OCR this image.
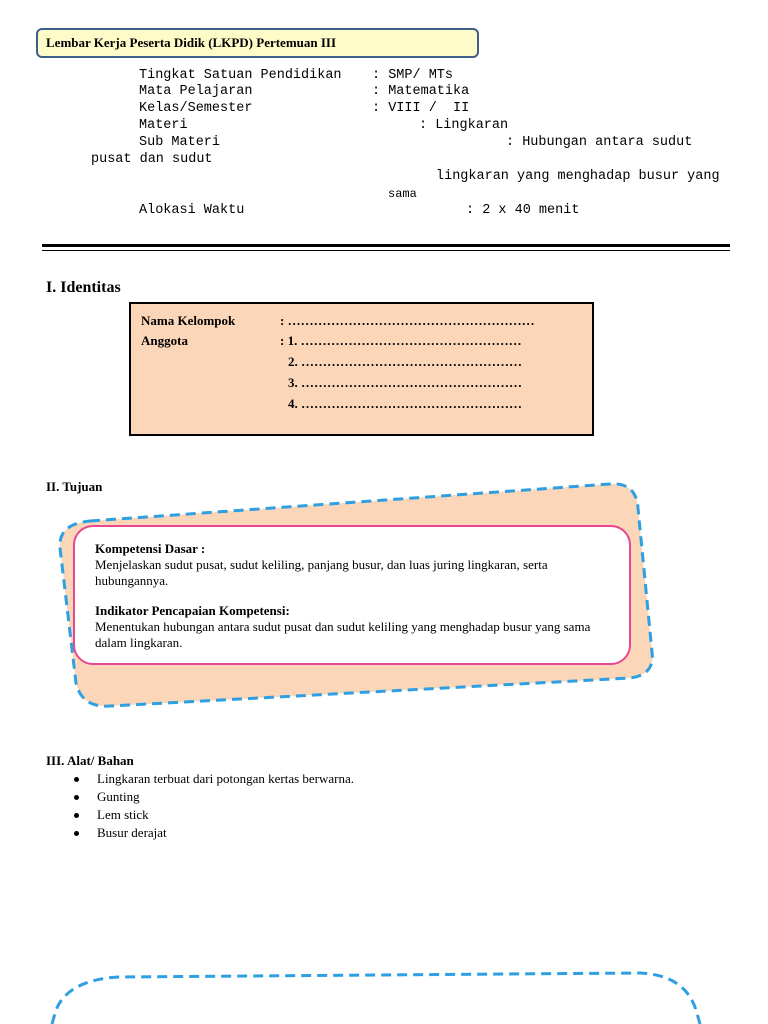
Lembar Kerja Peserta Didik (LKPD) Pertemuan III
Tingkat Satuan Pendidikan : SMP/ MTs
Mata Pelajaran	: Matematika
Kelas/Semester	: VIII /  II
Materi	: Lingkaran
Sub Materi	: Hubungan antara sudut
pusat dan sudut
lingkaran yang menghadap busur yang
sama
Alokasi Waktu	: 2 x 40 menit
I. Identitas
Nama Kelompok	: …………………………………………………
Anggota	: 1. ……………………………………………
2. ……………………………………………
3. ……………………………………………
4. ……………………………………………
II. Tujuan
Kompetensi Dasar :
Menjelaskan sudut pusat, sudut keliling, panjang busur, dan luas juring lingkaran, serta hubungannya.
Indikator Pencapaian Kompetensi:
Menentukan hubungan antara sudut pusat dan sudut keliling yang menghadap busur yang sama dalam lingkaran.
III. Alat/ Bahan
Lingkaran terbuat dari potongan kertas berwarna.
Gunting
Lem stick
Busur derajat
